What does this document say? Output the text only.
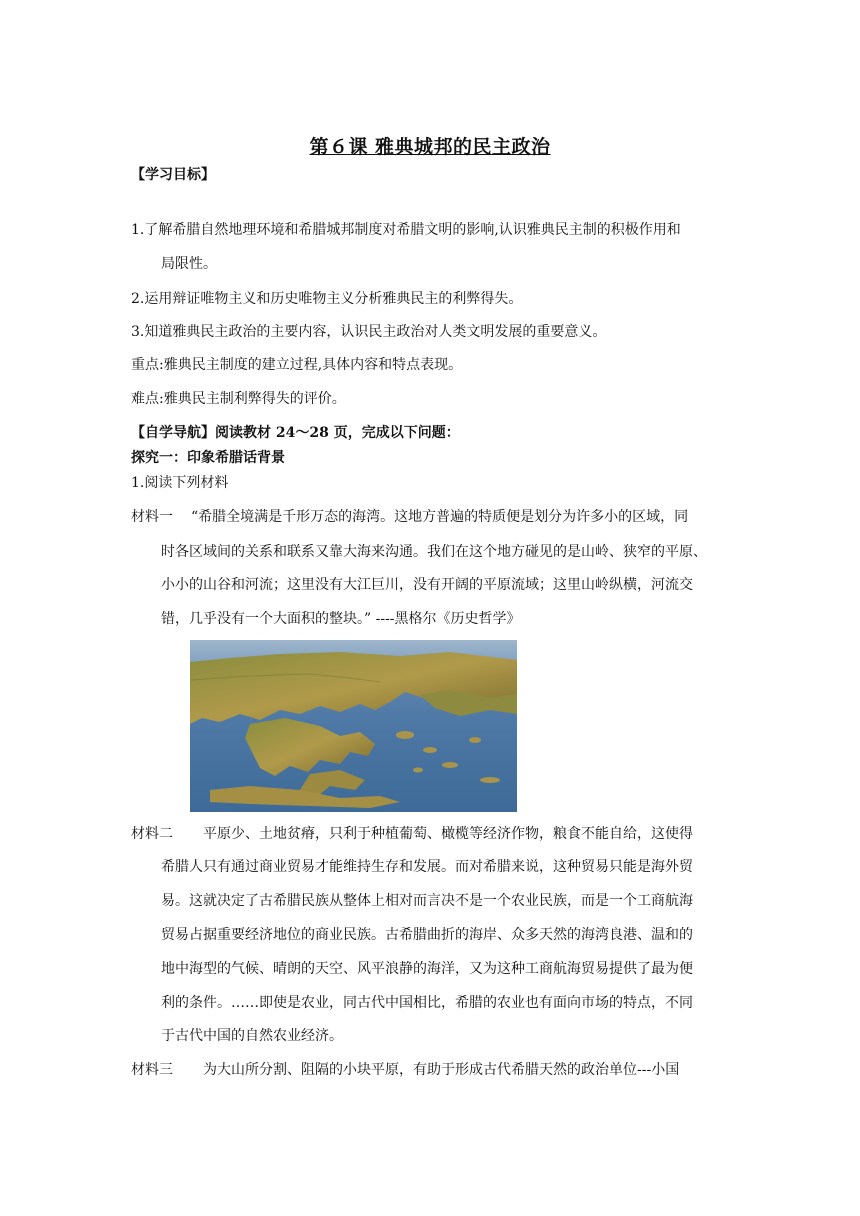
第６课 雅典城邦的民主政治
【学习目标】
1.了解希腊自然地理环境和希腊城邦制度对希腊文明的影响,认识雅典民主制的积极作用和
局限性。
2.运用辩证唯物主义和历史唯物主义分析雅典民主的利弊得失。
3.知道雅典民主政治的主要内容，认识民主政治对人类文明发展的重要意义。
重点:雅典民主制度的建立过程,具体内容和特点表现。
难点:雅典民主制利弊得失的评价。
【自学导航】阅读教材 24～28 页，完成以下问题：
探究一：印象希腊话背景
1.阅读下列材料
材料一 “希腊全境满是千形万态的海湾。这地方普遍的特质便是划分为许多小的区域，同
时各区域间的关系和联系又靠大海来沟通。我们在这个地方碰见的是山岭、狭窄的平原、
小小的山谷和河流；这里没有大江巨川，没有开阔的平原流域；这里山岭纵横，河流交
错，几乎没有一个大面积的整块。” ----黑格尔《历史哲学》
材料二 平原少、土地贫瘠，只利于种植葡萄、橄榄等经济作物，粮食不能自给，这使得
希腊人只有通过商业贸易才能维持生存和发展。而对希腊来说，这种贸易只能是海外贸
易。这就决定了古希腊民族从整体上相对而言决不是一个农业民族，而是一个工商航海
贸易占据重要经济地位的商业民族。古希腊曲折的海岸、众多天然的海湾良港、温和的
地中海型的气候、晴朗的天空、风平浪静的海洋，又为这种工商航海贸易提供了最为便
利的条件。……即使是农业，同古代中国相比，希腊的农业也有面向市场的特点，不同
于古代中国的自然农业经济。
材料三 为大山所分割、阻隔的小块平原，有助于形成古代希腊天然的政治单位---小国
